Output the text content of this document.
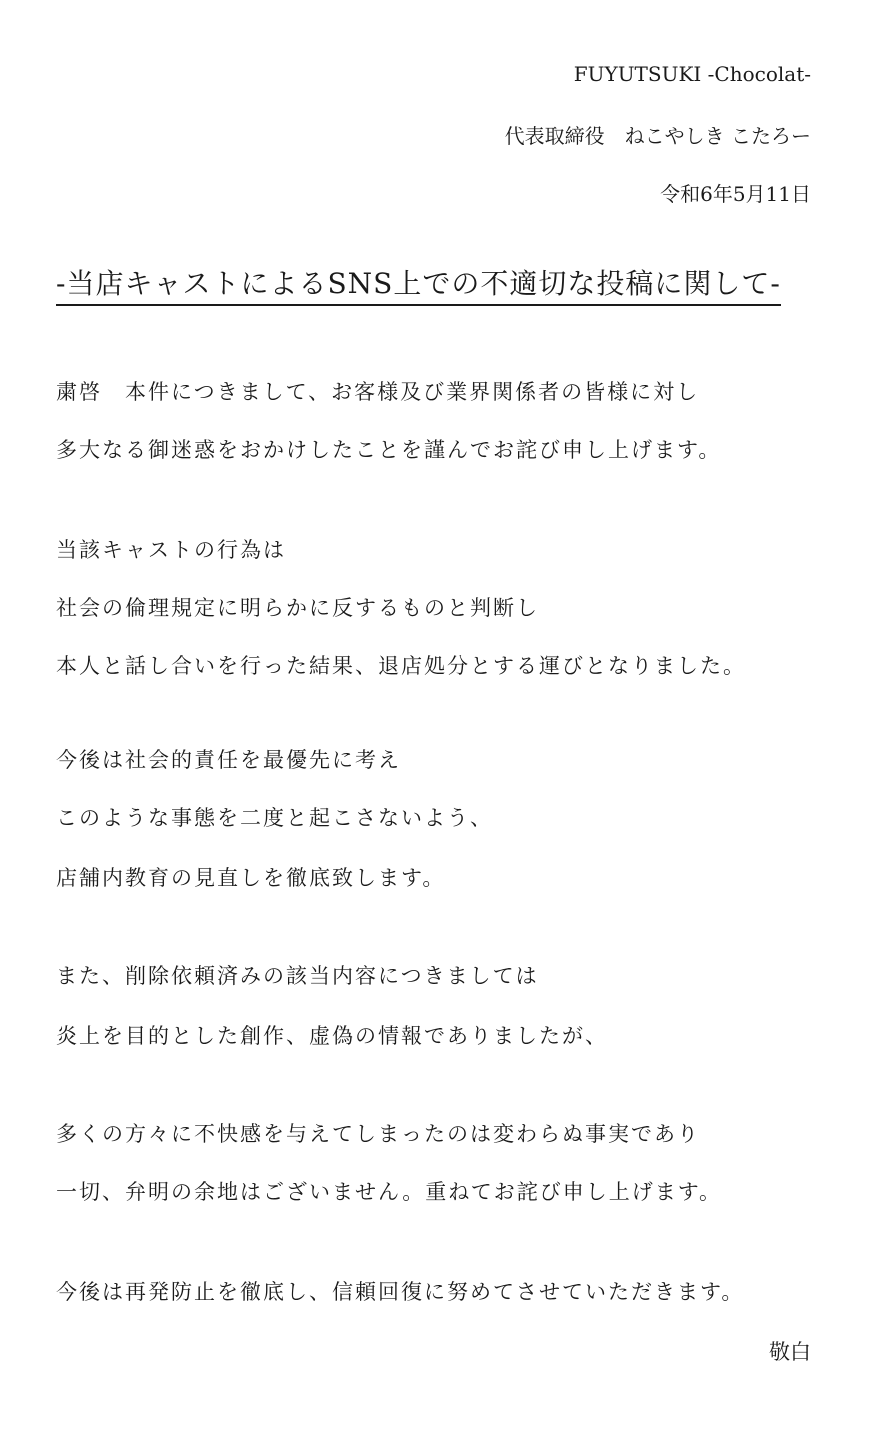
FUYUTSUKI -Chocolat-
代表取締役　ねこやしき こたろー
令和6年5月11日
-当店キャストによるSNS上での不適切な投稿に関して-
粛啓　本件につきまして、お客様及び業界関係者の皆様に対し
多大なる御迷惑をおかけしたことを謹んでお詫び申し上げます。
当該キャストの行為は
社会の倫理規定に明らかに反するものと判断し
本人と話し合いを行った結果、退店処分とする運びとなりました。
今後は社会的責任を最優先に考え
このような事態を二度と起こさないよう、
店舗内教育の見直しを徹底致します。
また、削除依頼済みの該当内容につきましては
炎上を目的とした創作、虚偽の情報でありましたが、
多くの方々に不快感を与えてしまったのは変わらぬ事実であり
一切、弁明の余地はございません。重ねてお詫び申し上げます。
今後は再発防止を徹底し、信頼回復に努めてさせていただきます。
敬白
